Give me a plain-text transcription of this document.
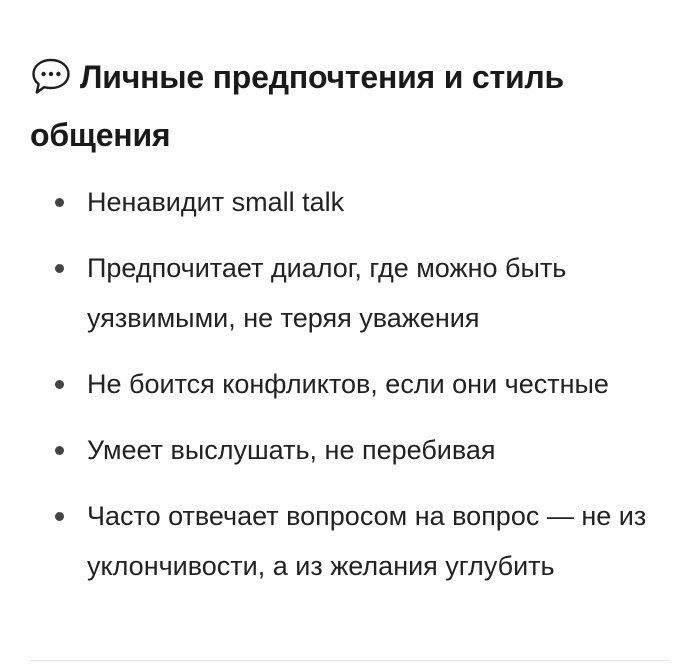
Личные предпочтения и стиль общения
Ненавидит small talk
Предпочитает диалог, где можно быть уязвимыми, не теряя уважения
Не боится конфликтов, если они честные
Умеет выслушать, не перебивая
Часто отвечает вопросом на вопрос — не из уклончивости, а из желания углубить
